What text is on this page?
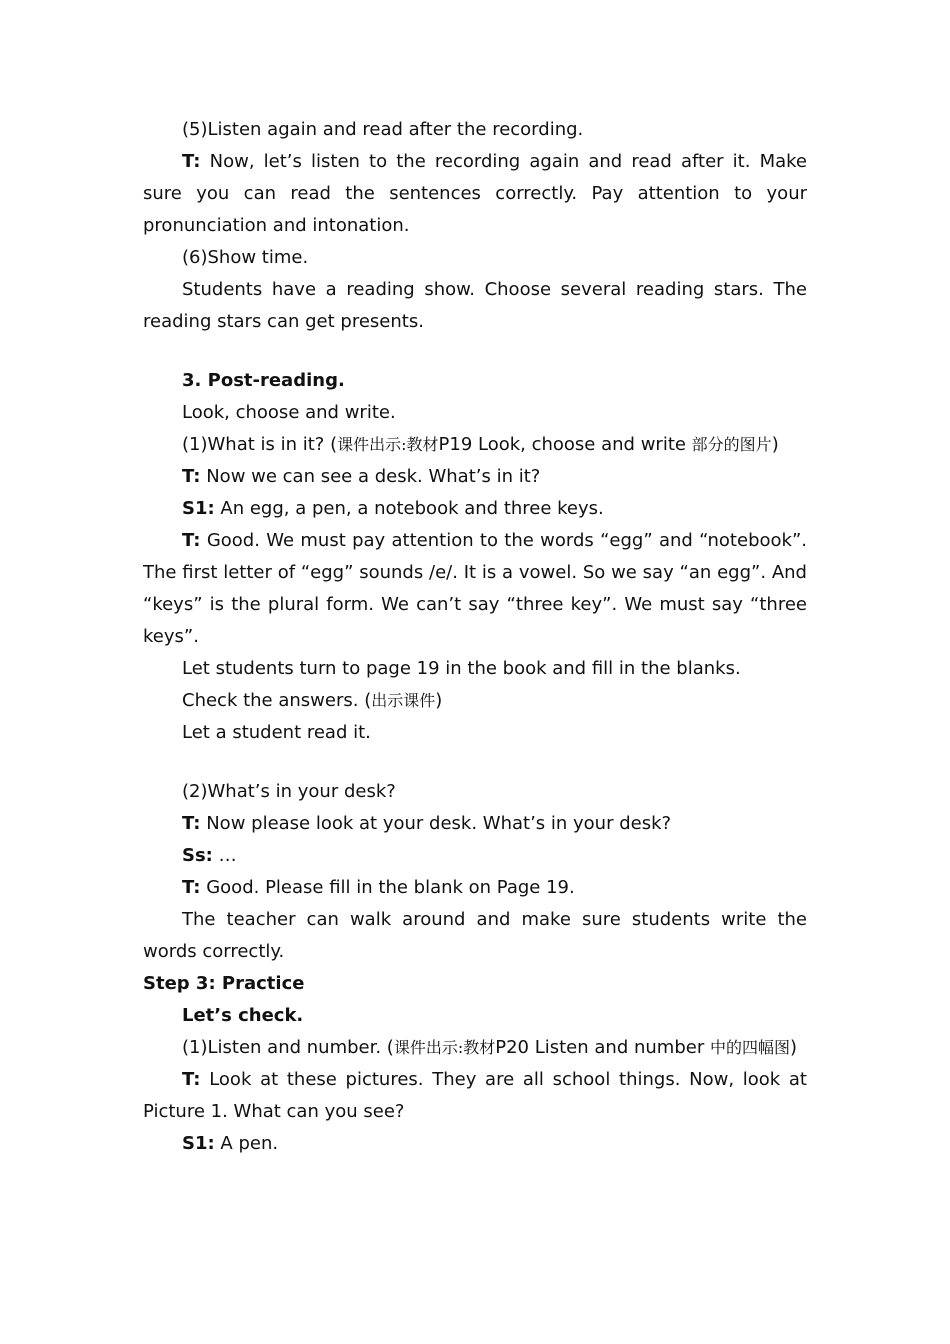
(5)Listen again and read after the recording.

T: Now, let’s listen to the recording again and read after it. Make sure you can read the sentences correctly. Pay attention to your pronunciation and intonation.

(6)Show time.

Students have a reading show. Choose several reading stars. The reading stars can get presents.

3. Post-reading.

Look, choose and write.

(1)What is in it? (课件出示:教材P19 Look, choose and write 部分的图片)

T: Now we can see a desk. What’s in it?

S1: An egg, a pen, a notebook and three keys.

T: Good. We must pay attention to the words “egg” and “notebook”. The first letter of “egg” sounds /e/. It is a vowel. So we say “an egg”. And “keys” is the plural form. We can’t say “three key”. We must say “three keys”.

Let students turn to page 19 in the book and fill in the blanks.

Check the answers. (出示课件)

Let a student read it.

(2)What’s in your desk?

T: Now please look at your desk. What’s in your desk?

Ss: …

T: Good. Please fill in the blank on Page 19.

The teacher can walk around and make sure students write the words correctly.

Step 3: Practice

Let’s check.

(1)Listen and number. (课件出示:教材P20 Listen and number 中的四幅图)

T: Look at these pictures. They are all school things. Now, look at Picture 1. What can you see?

S1: A pen.
